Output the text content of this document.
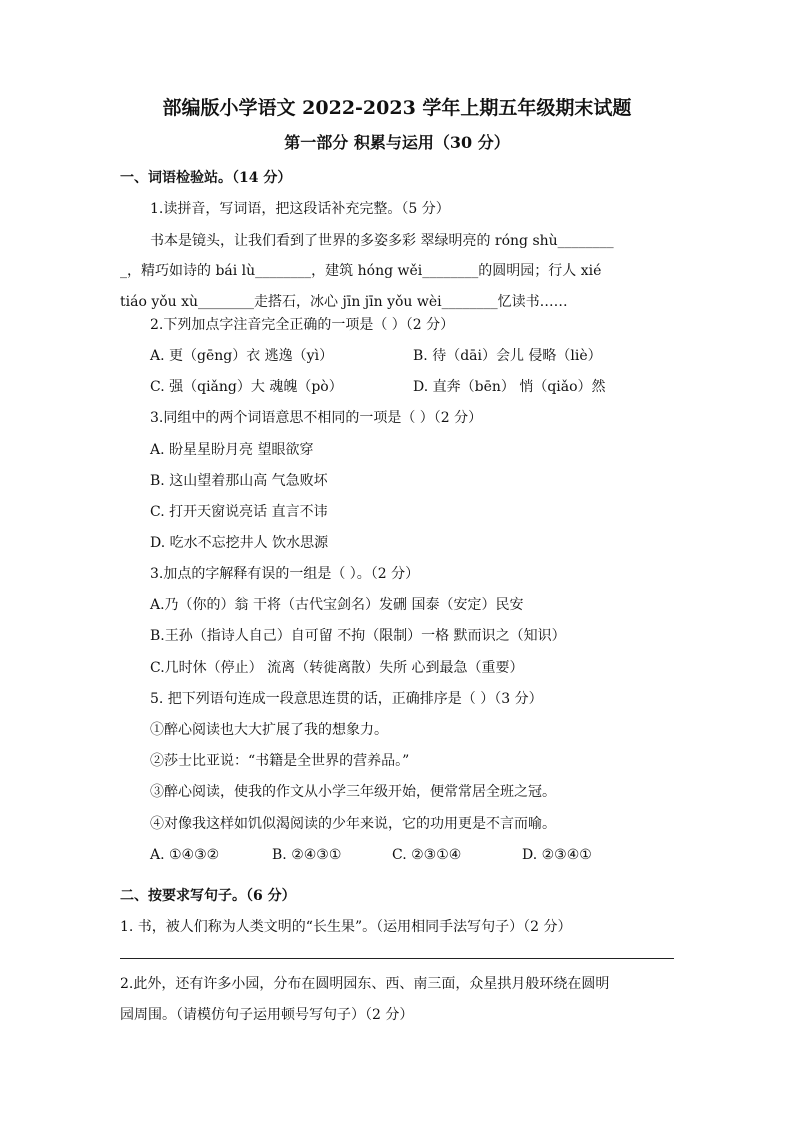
部编版小学语文 2022-2023 学年上期五年级期末试题
第一部分 积累与运用（30 分）
一、词语检验站。（14 分）
1.读拼音，写词语，把这段话补充完整。（5 分）
书本是镜头，让我们看到了世界的多姿多彩 翠绿明亮的 róng shù________
_，精巧如诗的 bái lù________，建筑 hóng wěi________的圆明园；行人 xié
tiáo yǒu xù________走搭石，冰心 jīn jīn yǒu wèi________忆读书……
2.下列加点字注音完全正确的一项是（ ）（2 分）
A. 更（gēng）衣 逃逸（yì）	B. 待（dāi）会儿 侵略（liè）
C. 强（qiǎng）大 魂魄（pò）	D. 直奔（bēn） 悄（qiǎo）然
3.同组中的两个词语意思不相同的一项是（ ）（2 分）
A. 盼星星盼月亮 望眼欲穿
B. 这山望着那山高 气急败坏
C. 打开天窗说亮话 直言不讳
D. 吃水不忘挖井人 饮水思源
3.加点的字解释有误的一组是（ ）。（2 分）
A.乃（你的）翁 干将（古代宝剑名）发硎 国泰（安定）民安
B.王孙（指诗人自己）自可留 不拘（限制）一格 默而识之（知识）
C.几时休（停止） 流离（转徙离散）失所 心到最急（重要）
5. 把下列语句连成一段意思连贯的话，正确排序是（ ）（3 分）
①醉心阅读也大大扩展了我的想象力。
②莎士比亚说：“书籍是全世界的营养品。”
③醉心阅读，使我的作文从小学三年级开始，便常常居全班之冠。
④对像我这样如饥似渴阅读的少年来说，它的功用更是不言而喻。
A. ①④③②	B. ②④③①	C. ②③①④	D. ②③④①
二、按要求写句子。（6 分）
1. 书，被人们称为人类文明的“长生果”。（运用相同手法写句子）（2 分）
2.此外，还有许多小园，分布在圆明园东、西、南三面，众星拱月般环绕在圆明
园周围。（请模仿句子运用顿号写句子）（2 分）
